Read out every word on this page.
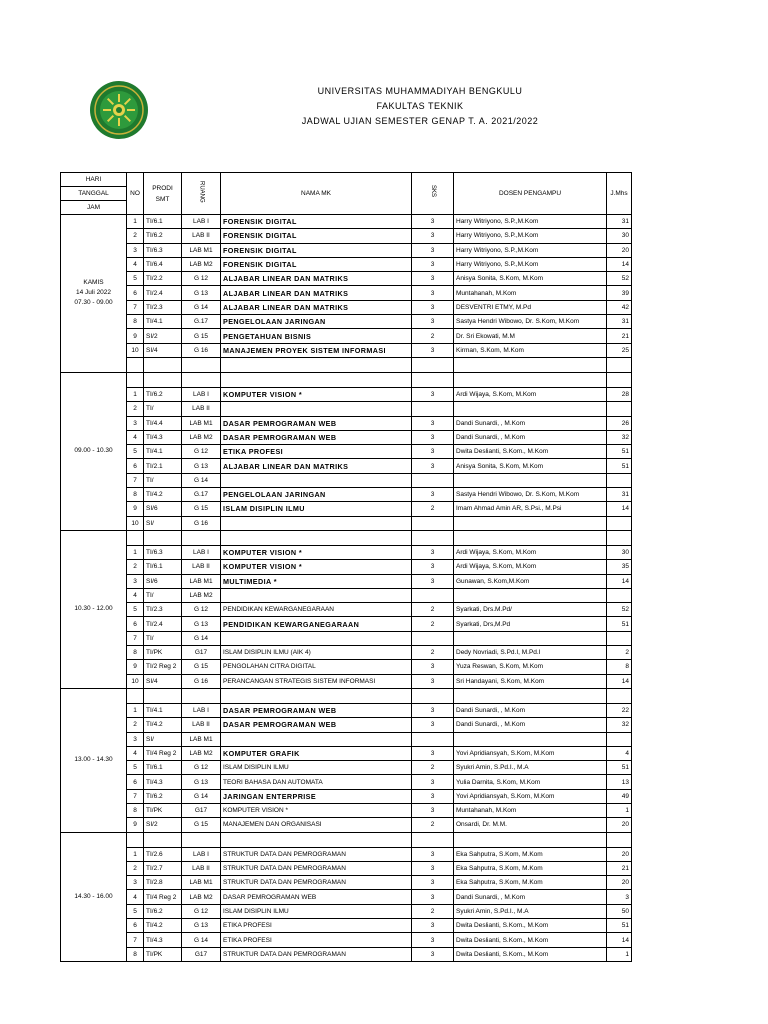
UNIVERSITAS MUHAMMADIYAH BENGKULU
FAKULTAS TEKNIK
JADWAL UJIAN SEMESTER GENAP T. A. 2021/2022
HARI	NO	PRODI SMT	RUANG	NAMA MK	SKS	DOSEN PENGAMPU	J.Mhs
TANGGAL							
JAM							
KAMIS
14 Juli 2022
07.30 - 09.00	1	TI/6.1	LAB I	FORENSIK DIGITAL	3	Harry Witriyono, S.P.,M.Kom	31
	2	TI/6.2	LAB II	FORENSIK DIGITAL	3	Harry Witriyono, S.P.,M.Kom	30
	3	TI/6.3	LAB M1	FORENSIK DIGITAL	3	Harry Witriyono, S.P.,M.Kom	20
	4	TI/6.4	LAB M2	FORENSIK DIGITAL	3	Harry Witriyono, S.P.,M.Kom	14
	5	TI/2.2	G 12	ALJABAR LINEAR DAN MATRIKS	3	Anisya Sonita, S.Kom, M.Kom	52
	6	TI/2.4	G 13	ALJABAR LINEAR DAN MATRIKS	3	Muntahanah, M.Kom	39
	7	TI/2.3	G 14	ALJABAR LINEAR DAN MATRIKS	3	DESVENTRI ETMY, M.Pd	42
	8	TI/4.1	G.17	PENGELOLAAN JARINGAN	3	Sastya Hendri Wibowo, Dr. S.Kom, M.Kom	31
	9	SI/2	G 15	PENGETAHUAN BISNIS	2	Dr. Sri Ekowati, M.M	21
	10	SI/4	G 16	MANAJEMEN PROYEK SISTEM INFORMASI	3	Kirman, S.Kom, M.Kom	25

09.00 - 10.30							
	1	TI/6.2	LAB I	KOMPUTER VISION *	3	Ardi Wijaya, S.Kom, M.Kom	28
	2	TI/	LAB II				
	3	TI/4.4	LAB M1	DASAR PEMROGRAMAN WEB	3	Dandi Sunardi, , M.Kom	26
	4	TI/4.3	LAB M2	DASAR PEMROGRAMAN WEB	3	Dandi Sunardi, , M.Kom	32
	5	TI/4.1	G 12	ETIKA PROFESI	3	Dwita Deslianti, S.Kom., M.Kom	51
	6	TI/2.1	G 13	ALJABAR LINEAR DAN MATRIKS	3	Anisya Sonita, S.Kom, M.Kom	51
	7	TI/	G 14				
	8	TI/4.2	G.17	PENGELOLAAN JARINGAN	3	Sastya Hendri Wibowo, Dr. S.Kom, M.Kom	31
	9	SI/6	G 15	ISLAM DISIPLIN ILMU	2	Imam Ahmad Amin AR, S.Psi., M.Psi	14
	10	SI/	G 16				
10.30 - 12.00							
	1	TI/6.3	LAB I	KOMPUTER VISION *	3	Ardi Wijaya, S.Kom, M.Kom	30
	2	TI/6.1	LAB II	KOMPUTER VISION *	3	Ardi Wijaya, S.Kom, M.Kom	35
	3	SI/6	LAB M1	MULTIMEDIA *	3	Gunawan, S.Kom,M.Kom	14
	4	TI/	LAB M2				
	5	TI/2.3	G 12	PENDIDIKAN KEWARGANEGARAAN	2	Syarkati, Drs.M.Pd/	52
	6	TI/2.4	G 13	PENDIDIKAN KEWARGANEGARAAN	2	Syarkati, Drs,M.Pd	51
	7	TI/	G 14				
	8	TI/PK	G17	ISLAM DISIPLIN ILMU (AIK 4)	2	Dedy Novriadi, S.Pd.I, M.Pd.I	2
	9	TI/2 Reg 2	G 15	PENGOLAHAN CITRA DIGITAL	3	Yuza Reswan, S.Kom, M.Kom	8
	10	SI/4	G 16	PERANCANGAN STRATEGIS SISTEM INFORMASI	3	Sri Handayani, S.Kom, M.Kom	14
13.00 - 14.30							
	1	TI/4.1	LAB I	DASAR PEMROGRAMAN WEB	3	Dandi Sunardi, , M.Kom	22
	2	TI/4.2	LAB II	DASAR PEMROGRAMAN WEB	3	Dandi Sunardi, , M.Kom	32
	3	SI/	LAB M1				
	4	TI/4 Reg 2	LAB M2	KOMPUTER GRAFIK	3	Yovi Apridiansyah, S.Kom, M.Kom	4
	5	TI/6.1	G 12	ISLAM DISIPLIN ILMU	2	Syukri Amin, S.Pd.I., M.A	51
	6	TI/4.3	G 13	TEORI BAHASA DAN AUTOMATA	3	Yulia Darnita, S.Kom, M.Kom	13
	7	TI/6.2	G 14	JARINGAN ENTERPRISE	3	Yovi Apridiansyah, S.Kom, M.Kom	49
	8	TI/PK	G17	KOMPUTER VISION *	3	Muntahanah, M.Kom	1
	9	SI/2	G 15	MANAJEMEN DAN ORGANISASI	2	Onsardi, Dr. M.M.	20
14.30 - 16.00							
	1	TI/2.6	LAB I	STRUKTUR DATA DAN PEMROGRAMAN	3	Eka Sahputra, S.Kom, M.Kom	20
	2	TI/2.7	LAB II	STRUKTUR DATA DAN PEMROGRAMAN	3	Eka Sahputra, S.Kom, M.Kom	21
	3	TI/2.8	LAB M1	STRUKTUR DATA DAN PEMROGRAMAN	3	Eka Sahputra, S.Kom, M.Kom	20
	4	TI/4 Reg 2	LAB M2	DASAR PEMROGRAMAN WEB	3	Dandi Sunardi, , M.Kom	3
	5	TI/6.2	G 12	ISLAM DISIPLIN ILMU	2	Syukri Amin, S.Pd.I., M.A	50
	6	TI/4.2	G 13	ETIKA PROFESI	3	Dwita Deslianti, S.Kom., M.Kom	51
	7	TI/4.3	G 14	ETIKA PROFESI	3	Dwita Deslianti, S.Kom., M.Kom	14
	8	TI/PK	G17	STRUKTUR DATA DAN PEMROGRAMAN	3	Dwita Deslianti, S.Kom., M.Kom	1
